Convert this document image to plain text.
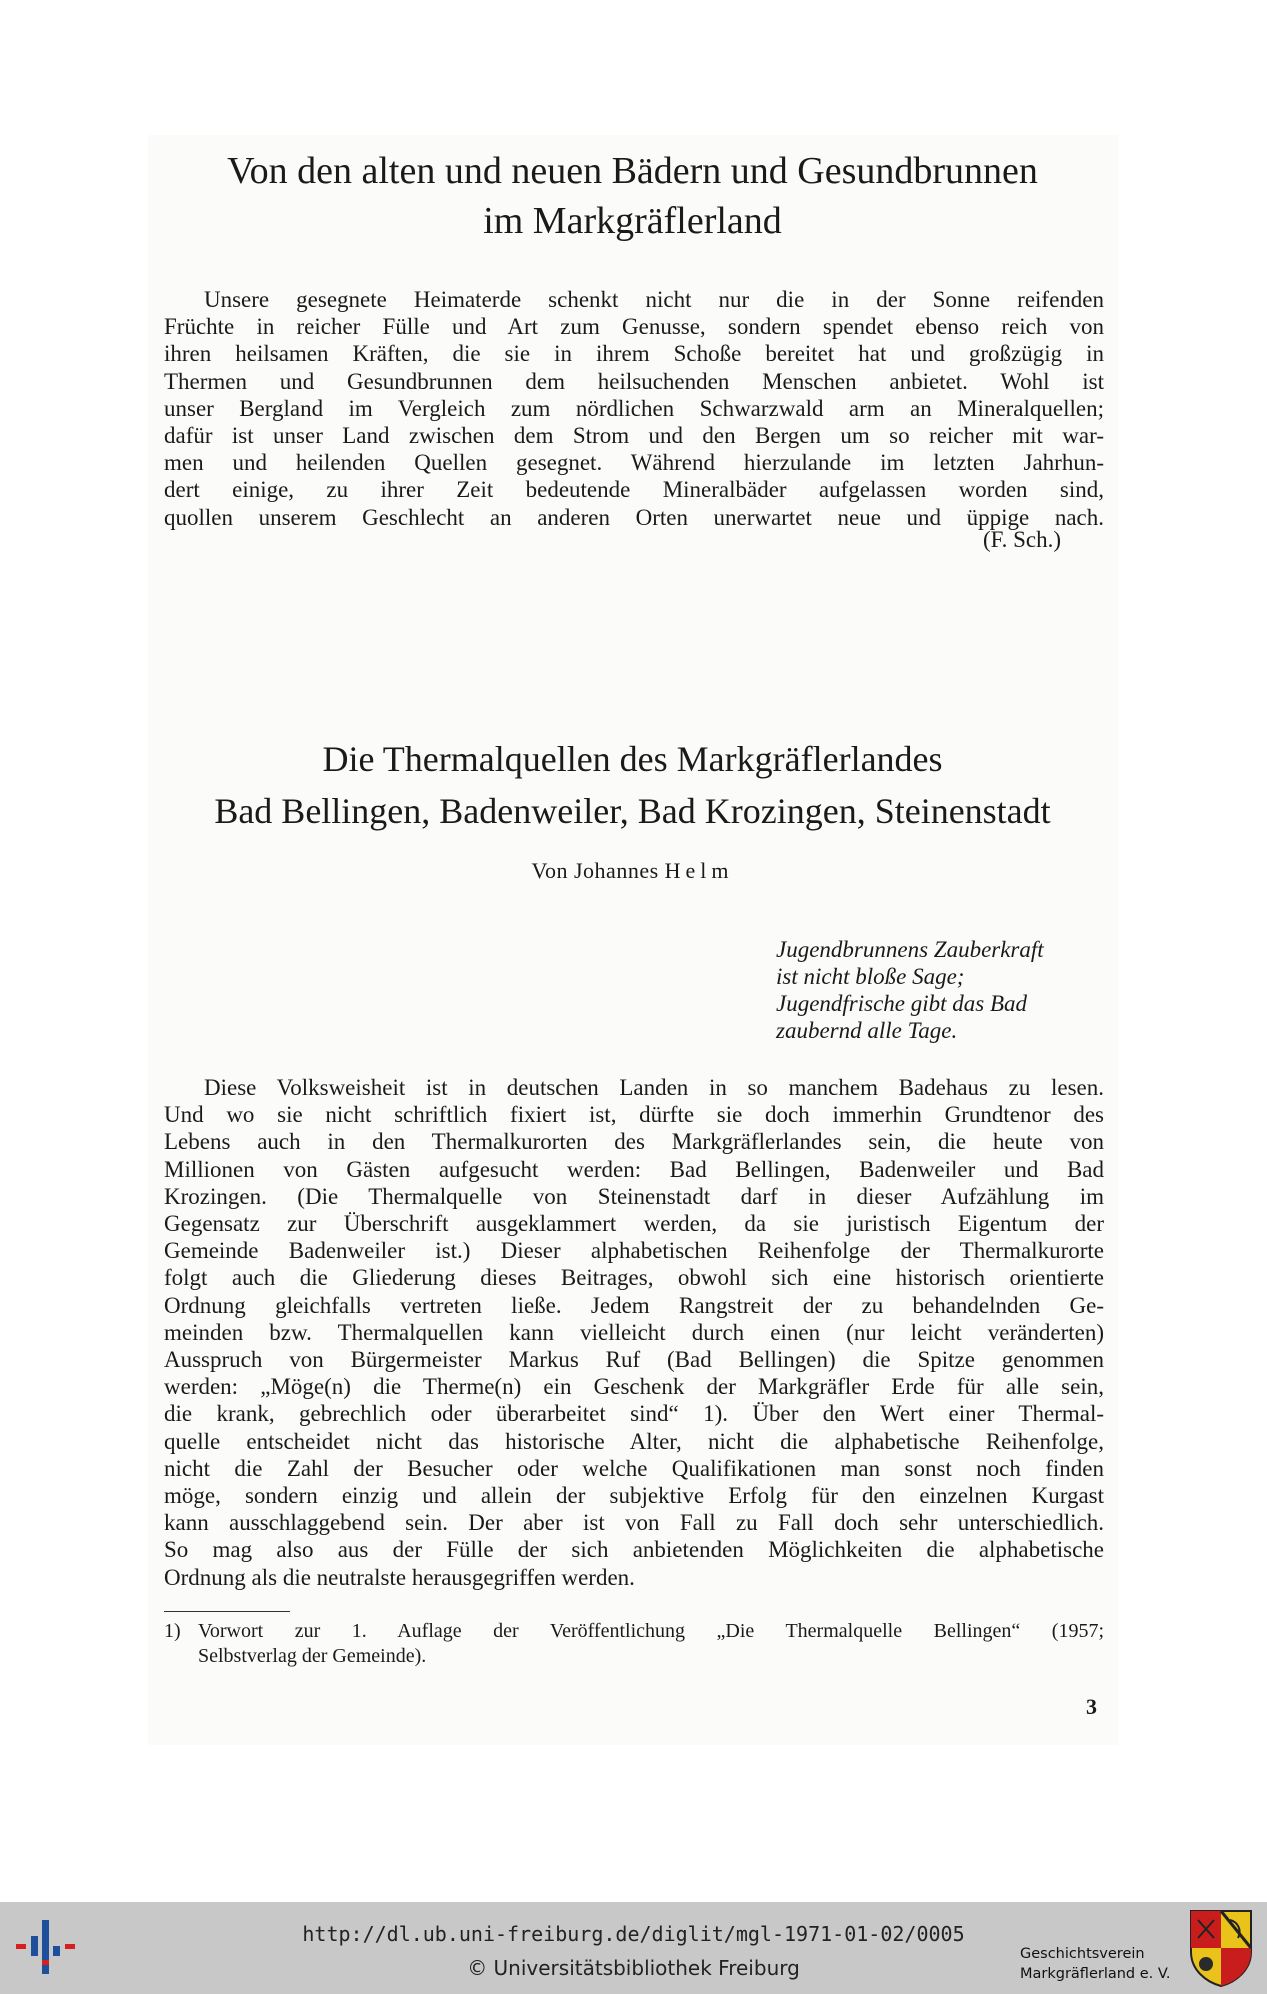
Von den alten und neuen Bädern und Gesundbrunnen
im Markgräflerland
Unsere gesegnete Heimaterde schenkt nicht nur die in der Sonne reifenden
Früchte in reicher Fülle und Art zum Genusse, sondern spendet ebenso reich von
ihren heilsamen Kräften, die sie in ihrem Schoße bereitet hat und großzügig in
Thermen und Gesundbrunnen dem heilsuchenden Menschen anbietet. Wohl ist
unser Bergland im Vergleich zum nördlichen Schwarzwald arm an Mineralquellen;
dafür ist unser Land zwischen dem Strom und den Bergen um so reicher mit war-
men und heilenden Quellen gesegnet. Während hierzulande im letzten Jahrhun-
dert einige, zu ihrer Zeit bedeutende Mineralbäder aufgelassen worden sind,
quollen unserem Geschlecht an anderen Orten unerwartet neue und üppige nach.
(F. Sch.)
Die Thermalquellen des Markgräflerlandes
Bad Bellingen, Badenweiler, Bad Krozingen, Steinenstadt
Von Johannes Helm
Jugendbrunnens Zauberkraft
ist nicht bloße Sage;
Jugendfrische gibt das Bad
zaubernd alle Tage.
Diese Volksweisheit ist in deutschen Landen in so manchem Badehaus zu lesen.
Und wo sie nicht schriftlich fixiert ist, dürfte sie doch immerhin Grundtenor des
Lebens auch in den Thermalkurorten des Markgräflerlandes sein, die heute von
Millionen von Gästen aufgesucht werden: Bad Bellingen, Badenweiler und Bad
Krozingen. (Die Thermalquelle von Steinenstadt darf in dieser Aufzählung im
Gegensatz zur Überschrift ausgeklammert werden, da sie juristisch Eigentum der
Gemeinde Badenweiler ist.) Dieser alphabetischen Reihenfolge der Thermalkurorte
folgt auch die Gliederung dieses Beitrages, obwohl sich eine historisch orientierte
Ordnung gleichfalls vertreten ließe. Jedem Rangstreit der zu behandelnden Ge-
meinden bzw. Thermalquellen kann vielleicht durch einen (nur leicht veränderten)
Ausspruch von Bürgermeister Markus Ruf (Bad Bellingen) die Spitze genommen
werden: „Möge(n) die Therme(n) ein Geschenk der Markgräfler Erde für alle sein,
die krank, gebrechlich oder überarbeitet sind“ 1). Über den Wert einer Thermal-
quelle entscheidet nicht das historische Alter, nicht die alphabetische Reihenfolge,
nicht die Zahl der Besucher oder welche Qualifikationen man sonst noch finden
möge, sondern einzig und allein der subjektive Erfolg für den einzelnen Kurgast
kann ausschlaggebend sein. Der aber ist von Fall zu Fall doch sehr unterschiedlich.
So mag also aus der Fülle der sich anbietenden Möglichkeiten die alphabetische
Ordnung als die neutralste herausgegriffen werden.
1) Vorwort zur 1. Auflage der Veröffentlichung „Die Thermalquelle Bellingen“ (1957;
Selbstverlag der Gemeinde).
3
http://dl.ub.uni-freiburg.de/diglit/mgl-1971-01-02/0005
© Universitätsbibliothek Freiburg
Geschichtsverein
Markgräflerland e. V.
